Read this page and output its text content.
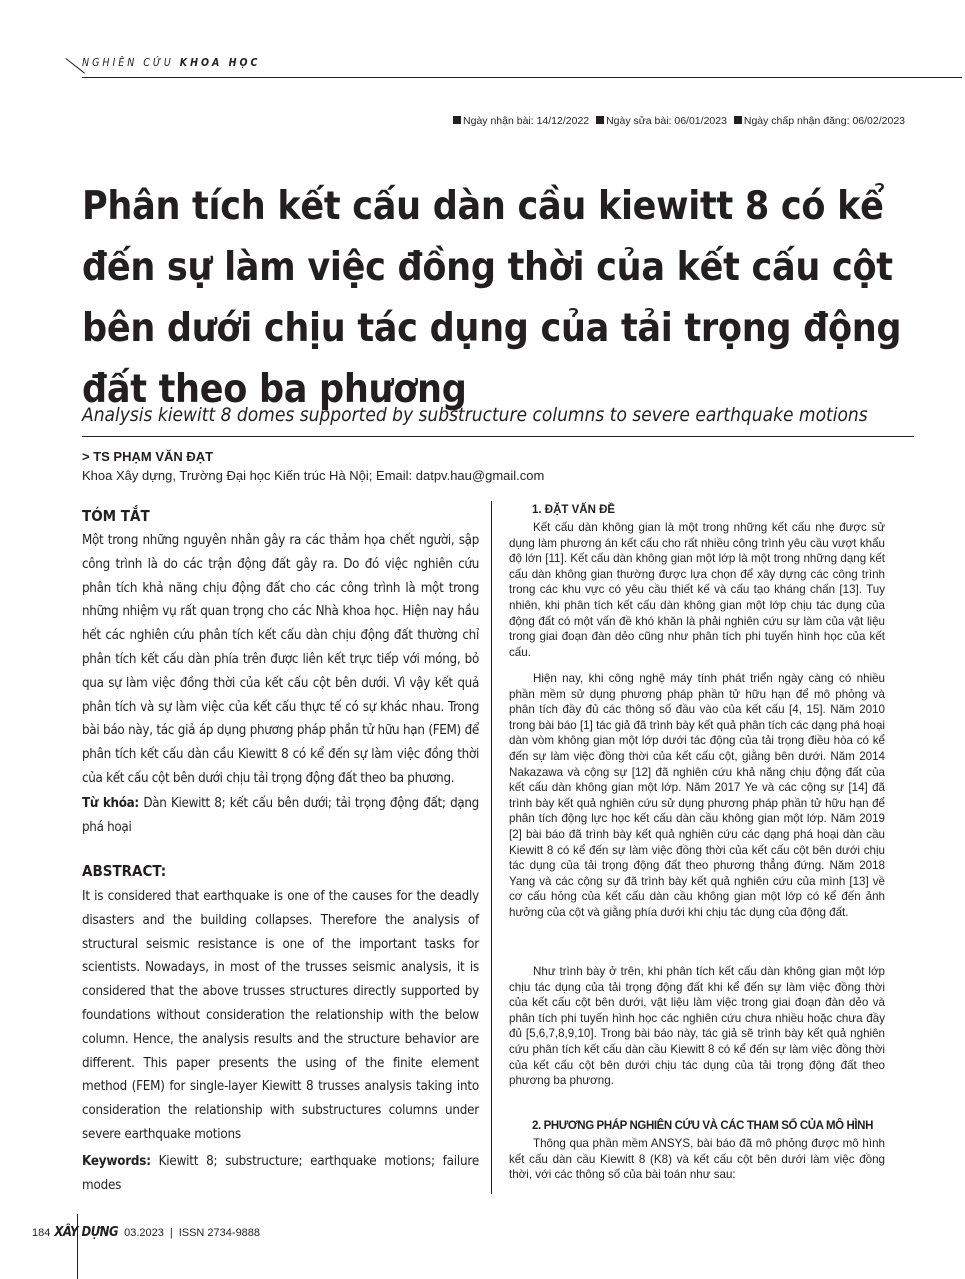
NGHIÊN CỨU KHOA HỌC
Ngày nhận bài: 14/12/2022 Ngày sửa bài: 06/01/2023 Ngày chấp nhận đăng: 06/02/2023
Phân tích kết cấu dàn cầu kiewitt 8 có kể đến sự làm việc đồng thời của kết cấu cột bên dưới chịu tác dụng của tải trọng động đất theo ba phương
Analysis kiewitt 8 domes supported by substructure columns to severe earthquake motions
> TS PHẠM VĂN ĐẠT
Khoa Xây dựng, Trường Đại học Kiến trúc Hà Nội; Email: datpv.hau@gmail.com
TÓM TẮT

Một trong những nguyên nhân gây ra các thảm họa chết người, sập công trình là do các trận động đất gây ra. Do đó việc nghiên cứu phân tích khả năng chịu động đất cho các công trình là một trong những nhiệm vụ rất quan trọng cho các Nhà khoa học. Hiện nay hầu hết các nghiên cứu phân tích kết cấu dàn chịu động đất thường chỉ phân tích kết cấu dàn phía trên được liên kết trực tiếp với móng, bỏ qua sự làm việc đồng thời của kết cấu cột bên dưới. Vì vậy kết quả phân tích và sự làm việc của kết cấu thực tế có sự khác nhau. Trong bài báo này, tác giả áp dụng phương pháp phần tử hữu hạn (FEM) để phân tích kết cấu dàn cầu Kiewitt 8 có kể đến sự làm việc đồng thời của kết cấu cột bên dưới chịu tải trọng động đất theo ba phương.

Từ khóa: Dàn Kiewitt 8; kết cấu bên dưới; tải trọng động đất; dạng phá hoại

ABSTRACT:

It is considered that earthquake is one of the causes for the deadly disasters and the building collapses. Therefore the analysis of structural seismic resistance is one of the important tasks for scientists. Nowadays, in most of the trusses seismic analysis, it is considered that the above trusses structures directly supported by foundations without consideration the relationship with the below column. Hence, the analysis results and the structure behavior are different. This paper presents the using of the finite element method (FEM) for single-layer Kiewitt 8 trusses analysis taking into consideration the relationship with substructures columns under severe earthquake motions

Keywords: Kiewitt 8; substructure; earthquake motions; failure modes

1. ĐẶT VẤN ĐỀ

Kết cấu dàn không gian là một trong những kết cấu nhẹ được sử dụng làm phương án kết cấu cho rất nhiều công trình yêu cầu vượt khẩu độ lớn [11]. Kết cấu dàn không gian một lớp là một trong những dạng kết cấu dàn không gian thường được lựa chọn để xây dựng các công trình trong các khu vực có yêu cầu thiết kế và cấu tạo kháng chấn [13]. Tuy nhiên, khi phân tích kết cấu dàn không gian một lớp chịu tác dụng của động đất có một vấn đề khó khăn là phải nghiên cứu sự làm của vật liệu trong giai đoạn đàn dẻo cũng như phân tích phi tuyến hình học của kết cấu.

Hiện nay, khi công nghệ máy tính phát triển ngày càng có nhiều phần mềm sử dụng phương pháp phần tử hữu hạn để mô phỏng và phân tích đầy đủ các thông số đầu vào của kết cấu [4, 15]. Năm 2010 trong bài báo [1] tác giả đã trình bày kết quả phân tích các dạng phá hoại dàn vòm không gian một lớp dưới tác động của tải trọng điều hòa có kể đến sự làm việc đồng thời của kết cấu cột, giằng bên dưới. Năm 2014 Nakazawa và cộng sự [12] đã nghiên cứu khả năng chịu động đất của kết cấu dàn không gian một lớp. Năm 2017 Ye và các cộng sự [14] đã trình bày kết quả nghiên cứu sử dụng phương pháp phần tử hữu hạn để phân tích động lực học kết cấu dàn cầu không gian một lớp. Năm 2019 [2] bài báo đã trình bày kết quả nghiên cứu các dạng phá hoại dàn cầu Kiewitt 8 có kể đến sự làm việc đồng thời của kết cấu cột bên dưới chịu tác dụng của tải trọng động đất theo phương thẳng đứng. Năm 2018 Yang và các cộng sự đã trình bày kết quả nghiên cứu của mình [13] về cơ cấu hỏng của kết cấu dàn cầu không gian một lớp có kể đến ảnh hưởng của cột và giằng phía dưới khi chịu tác dụng của động đất.

Như trình bày ở trên, khi phân tích kết cấu dàn không gian một lớp chịu tác dụng của tải trọng động đất khi kể đến sự làm việc đồng thời của kết cấu cột bên dưới, vật liệu làm việc trong giai đoạn đàn dẻo và phân tích phi tuyến hình học các nghiên cứu chưa nhiều hoặc chưa đầy đủ [5,6,7,8,9,10]. Trong bài báo này, tác giả sẽ trình bày kết quả nghiên cứu phân tích kết cấu dàn cầu Kiewitt 8 có kể đến sự làm việc đồng thời của kết cấu cột bên dưới chịu tác dụng của tải trọng động đất theo phương ba phương.

2. PHƯƠNG PHÁP NGHIÊN CỨU VÀ CÁC THAM SỐ CỦA MÔ HÌNH

Thông qua phần mềm ANSYS, bài báo đã mô phỏng được mô hình kết cấu dàn cầu Kiewitt 8 (K8) và kết cấu cột bên dưới làm việc đồng thời, với các thông số của bài toán như sau:

184 XÂY DỰNG 03.2023 | ISSN 2734-9888
